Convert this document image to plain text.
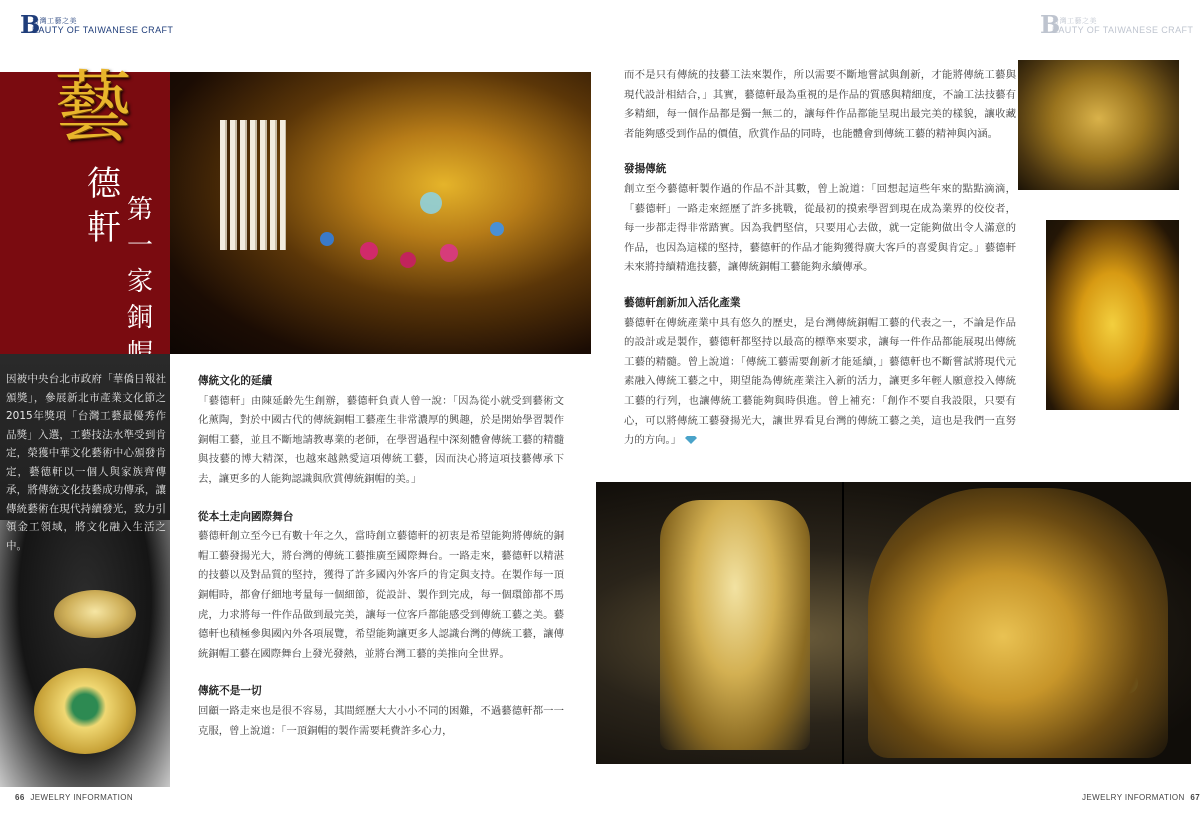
B
台灣工藝之美
EAUTY OF TAIWANESE CRAFT	B
台灣工藝之美
EAUTY OF TAIWANESE CRAFT
藝
德
軒 第
一
家
銅
因被中央台北市政府「華僑日報社頒獎」，參展新北市產業文化節之2015年獎項「台灣工藝最優秀作品獎」入選，工藝技法水準受到肯定，榮獲中華文化藝術中心頒發肯定，藝德軒以一個人與家族齊傳承，將傳統文化技藝成功傳承，讓傳統藝術在現代持續發光，致力引領金工領域，將文化融入生活之中。

傳統文化的延續

「藝德軒」由陳延齡先生創辦，藝德軒負責人曾一說：「因為從小就受到藝術文化薰陶，對於中國古代的傳統銅帽工藝產生非常濃厚的興趣，於是開始學習製作銅帽工藝，並且不斷地請教專業的老師，在學習過程中深刻體會傳統工藝的精髓與技藝的博大精深，也越來越熱愛這項傳統工藝，因而決心將這項技藝傳承下去，讓更多的人能夠認識與欣賞傳統銅帽的美。」

從本土走向國際舞台

藝德軒創立至今已有數十年之久，當時創立藝德軒的初衷是希望能夠將傳統的銅帽工藝發揚光大，將台灣的傳統工藝推廣至國際舞台。一路走來，藝德軒以精湛的技藝以及對品質的堅持，獲得了許多國內外客戶的肯定與支持。在製作每一頂銅帽時，都會仔細地考量每一個細節，從設計、製作到完成，每一個環節都不馬虎，力求將每一件作品做到最完美，讓每一位客戶都能感受到傳統工藝之美。藝德軒也積極參與國內外各項展覽，希望能夠讓更多人認識台灣的傳統工藝，讓傳統銅帽工藝在國際舞台上發光發熱，並將台灣工藝的美推向全世界。

傳統不是一切

回顧一路走來也是很不容易，其間經歷大大小小不同的困難，不過藝德軒都一一克服，曾上說道：「一頂銅帽的製作需要耗費許多心力，

而不是只有傳統的技藝工法來製作，所以需要不斷地嘗試與創新，才能將傳統工藝與現代設計相結合，」其實，藝德軒最為重視的是作品的質感與精細度，不論工法技藝有多精細，每一個作品都是獨一無二的，讓每件作品都能呈現出最完美的樣貌，讓收藏者能夠感受到作品的價值，欣賞作品的同時，也能體會到傳統工藝的精神與內涵。

發揚傳統

創立至今藝德軒製作過的作品不計其數，曾上說道：「回想起這些年來的點點滴滴，「藝德軒」一路走來經歷了許多挑戰，從最初的摸索學習到現在成為業界的佼佼者，每一步都走得非常踏實。因為我們堅信，只要用心去做，就一定能夠做出令人滿意的作品，也因為這樣的堅持，藝德軒的作品才能夠獲得廣大客戶的喜愛與肯定。」藝德軒未來將持續精進技藝，讓傳統銅帽工藝能夠永續傳承。

藝德軒創新加入活化產業

藝德軒在傳統產業中具有悠久的歷史，是台灣傳統銅帽工藝的代表之一，不論是作品的設計或是製作，藝德軒都堅持以最高的標準來要求，讓每一件作品都能展現出傳統工藝的精髓。曾上說道：「傳統工藝需要創新才能延續，」藝德軒也不斷嘗試將現代元素融入傳統工藝之中，期望能為傳統產業注入新的活力，讓更多年輕人願意投入傳統工藝的行列，也讓傳統工藝能夠與時俱進。曾上補充：「創作不要自我設限，只要有心，可以將傳統工藝發揚光大，讓世界看見台灣的傳統工藝之美，這也是我們一直努力的方向。」

66 JEWELRY INFORMATION	JEWELRY INFORMATION 67
